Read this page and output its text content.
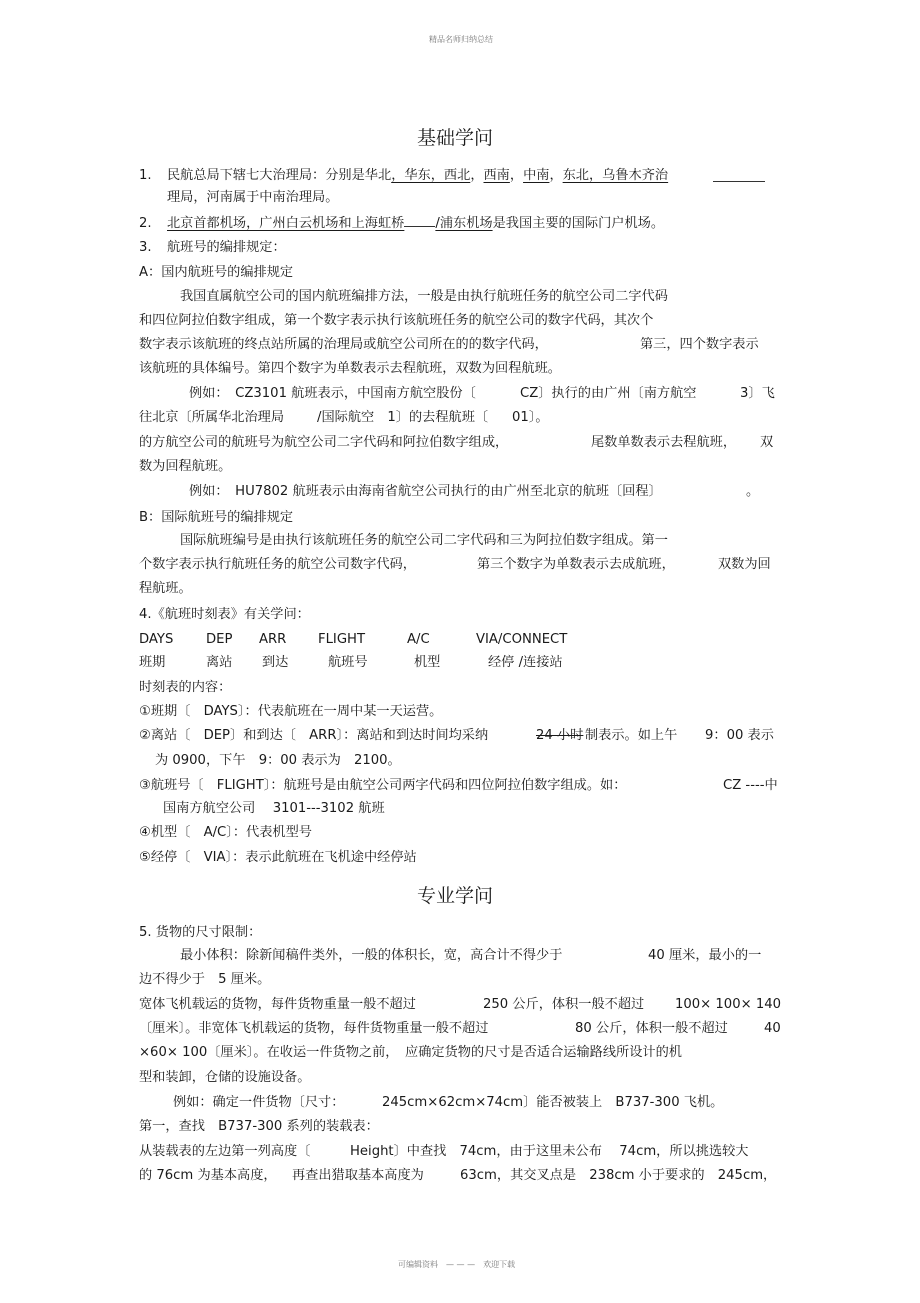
精品名师归纳总结
可编辑资料　— — —　欢迎下载
基础学问
1. 民航总局下辖七大治理局：分别是华北，华东，西北，西南，中南，东北，乌鲁木齐治
理局，河南属于中南治理局。
2. 北京首都机场，广州白云机场和上海虹桥 /浦东机场是我国主要的国际门户机场。
3. 航班号的编排规定：
A：国内航班号的编排规定
我国直属航空公司的国内航班编排方法，一般是由执行航班任务的航空公司二字代码
和四位阿拉伯数字组成，第一个数字表示执行该航班任务的航空公司的数字代码，其次个
数字表示该航班的终点站所属的治理局或航空公司所在的的数字代码，	第三，四个数字表示
该航班的具体编号。第四个数字为单数表示去程航班，双数为回程航班。
例如：　CZ3101 航班表示，中国南方航空股份〔	CZ〕执行的由广州〔南方航空	3〕飞
往北京〔所属华北治理局 /国际航空　1〕的去程航班〔 01〕。
的方航空公司的航班号为航空公司二字代码和阿拉伯数字组成，	尾数单数表示去程航班， 双
数为回程航班。
例如：　HU7802 航班表示由海南省航空公司执行的由广州至北京的航班〔回程〕	。
B：国际航班号的编排规定
国际航班编号是由执行该航班任务的航空公司二字代码和三为阿拉伯数字组成。第一
个数字表示执行航班任务的航空公司数字代码，	第三个数字为单数表示去成航班，	双数为回
程航班。
4.《航班时刻表》有关学问：
DAYS DEP ARR FLIGHT	A/C	VIA/CONNECT
班期	离站 到达	航班号	机型	经停 /连接站
时刻表的内容：
①班期〔　DAYS〕：代表航班在一周中某一天运营。
②离站〔　DEP〕和到达〔　ARR〕：离站和到达时间均采纳	24 小时 制表示。如上午 9：00 表示
为 0900，下午　9：00 表示为　2100。
③航班号〔　FLIGHT〕：航班号是由航空公司两字代码和四位阿拉伯数字组成。如：	CZ ----中
国南方航空公司　 3101---3102 航班
④机型〔　A/C〕：代表机型号
⑤经停〔　VIA〕：表示此航班在飞机途中经停站
专业学问
5. 货物的尺寸限制：
最小体积：除新闻稿件类外，一般的体积长，宽，高合计不得少于	40 厘米，最小的一
边不得少于　5 厘米。
宽体飞机载运的货物，每件货物重量一般不超过	250 公斤，体积一般不超过 100× 100× 140
〔厘米〕。非宽体飞机载运的货物，每件货物重量一般不超过	80 公斤，体积一般不超过	40
×60× 100〔厘米〕。在收运一件货物之前，　应确定货物的尺寸是否适合运输路线所设计的机
型和装卸，仓储的设施设备。
例如：确定一件货物〔尺寸：	245cm×62cm×74cm〕能否被装上　B737-300 飞机。
第一，查找　B737-300 系列的装载表：
从装载表的左边第一列高度〔	Height〕中查找　74cm，由于这里未公布　 74cm，所以挑选较大
的 76cm 为基本高度， 再查出猎取基本高度为	63cm，其交叉点是　238cm 小于要求的　245cm，
